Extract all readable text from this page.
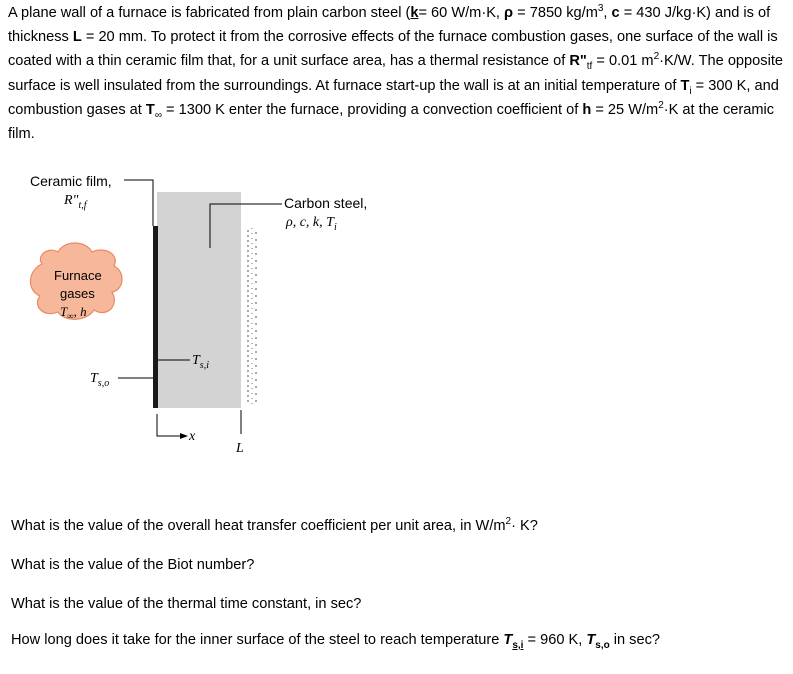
A plane wall of a furnace is fabricated from plain carbon steel (k= 60 W/m·K, ρ = 7850 $kg/m^3$, c = 430 J/kg·K) and is of thickness L = 20 mm. To protect it from the corrosive effects of the furnace combustion gases, one surface of the wall is coated with a thin ceramic film that, for a unit surface area, has a thermal resistance of $R"_{tf} = 0.01$ $m^2\cdot K/W$. The opposite surface is well insulated from the surroundings. At furnace start-up the wall is at an initial temperature of $T_i = 300$ K, and combustion gases at $T_\infty = 1300$ K enter the furnace, providing a convection coefficient of h = 25 $W/m^2\cdot K$ at the ceramic film.
Ceramic film,
$R"_{t,f}$	Carbon steel,
ρ, c, k, $T_i$
Furnace
gases
$T_\infty$, h
$T_{s,i}$
$T_{s,o}$
x
L
What is the value of the overall heat transfer coefficient per unit area, in $W/m^2\cdot K$?
What is the value of the Biot number?
What is the value of the thermal time constant, in sec?
How long does it take for the inner surface of the steel to reach temperature $T_{s,i} = 960$ K, $T_{s,o}$ in sec?
